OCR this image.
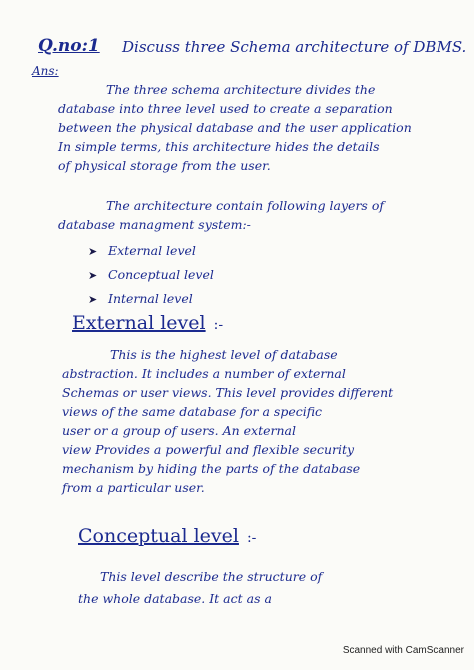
Q.no:1 Discuss three Schema architecture of DBMS.
Ans:
The three schema architecture divides the
database into three level used to create a separation
between the physical database and the user application
In simple terms, this architecture hides the details
of physical storage from the user.
The architecture contain following layers of
database managment system:-
➤ External level
➤ Conceptual level
➤ Internal level
External level :-
This is the highest level of database
abstraction. It includes a number of external
Schemas or user views. This level provides different
views of the same database for a specific
user or a group of users. An external
view Provides a powerful and flexible security
mechanism by hiding the parts of the database
from a particular user.
Conceptual level :-
This level describe the structure of
the whole database. It act as a
Scanned with CamScanner
